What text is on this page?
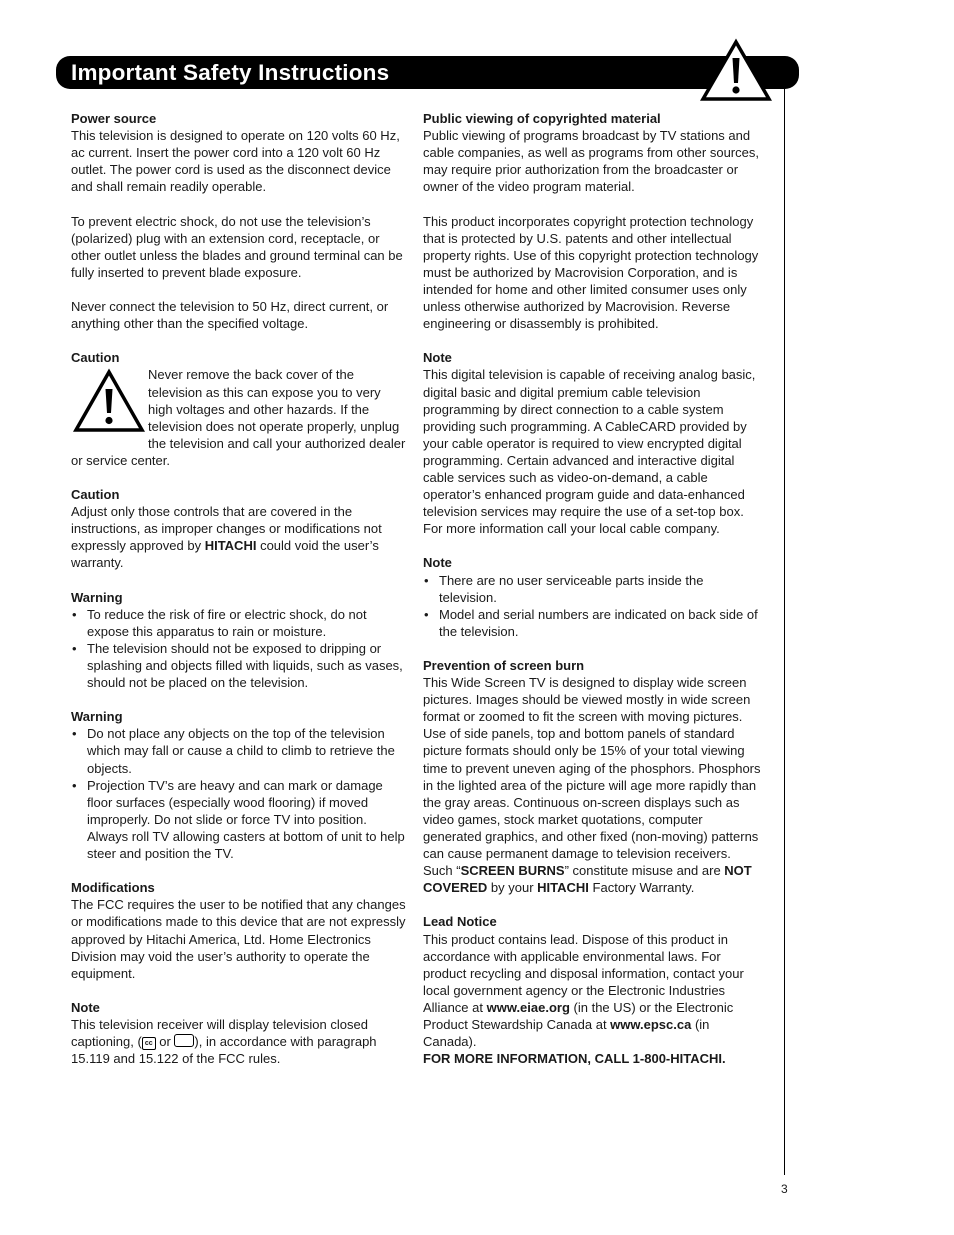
Important Safety Instructions
3

Power source

This television is designed to operate on 120 volts 60 Hz, ac current. Insert the power cord into a 120 volt 60 Hz outlet. The power cord is used as the disconnect device and shall remain readily operable.

To prevent electric shock, do not use the television’s (polarized) plug with an extension cord, receptacle, or other outlet unless the blades and ground terminal can be fully inserted to prevent blade exposure.

Never connect the television to 50 Hz, direct current, or anything other than the specified voltage.

Caution

Never remove the back cover of the television as this can expose you to very high voltages and other hazards. If the television does not operate properly, unplug the television and call your authorized dealer or service center.

Caution

Adjust only those controls that are covered in the instructions, as improper changes or modifications not expressly approved by HITACHI could void the user’s warranty.

Warning

• To reduce the risk of fire or electric shock, do not expose this apparatus to rain or moisture.
• The television should not be exposed to dripping or splashing and objects filled with liquids, such as vases, should not be placed on the television.

Warning

• Do not place any objects on the top of the television which may fall or cause a child to climb to retrieve the objects.
• Projection TV’s are heavy and can mark or damage floor surfaces (especially wood flooring) if moved improperly. Do not slide or force TV into position. Always roll TV allowing casters at bottom of unit to help steer and position the TV.

Modifications

The FCC requires the user to be notified that any changes or modifications made to this device that are not expressly approved by Hitachi America, Ltd. Home Electronics Division may void the user’s authority to operate the equipment.

Note

This television receiver will display television closed captioning, ( cc or ), in accordance with paragraph 15.119 and 15.122 of the FCC rules.

Public viewing of copyrighted material

Public viewing of programs broadcast by TV stations and cable companies, as well as programs from other sources, may require prior authorization from the broadcaster or owner of the video program material.

This product incorporates copyright protection technology that is protected by U.S. patents and other intellectual property rights. Use of this copyright protection technology must be authorized by Macrovision Corporation, and is intended for home and other limited consumer uses only unless otherwise authorized by Macrovision. Reverse engineering or disassembly is prohibited.

Note

This digital television is capable of receiving analog basic, digital basic and digital premium cable television programming by direct connection to a cable system providing such programming. A CableCARD provided by your cable operator is required to view encrypted digital programming. Certain advanced and interactive digital cable services such as video-on-demand, a cable operator’s enhanced program guide and data-enhanced television services may require the use of a set-top box. For more information call your local cable company.

Note

• There are no user serviceable parts inside the television.
• Model and serial numbers are indicated on back side of the television.

Prevention of screen burn

This Wide Screen TV is designed to display wide screen pictures. Images should be viewed mostly in wide screen format or zoomed to fit the screen with moving pictures. Use of side panels, top and bottom panels of standard picture formats should only be 15% of your total viewing time to prevent uneven aging of the phosphors. Phosphors in the lighted area of the picture will age more rapidly than the gray areas. Continuous on-screen displays such as video games, stock market quotations, computer generated graphics, and other fixed (non-moving) patterns can cause permanent damage to television receivers. Such “SCREEN BURNS” constitute misuse and are NOT COVERED by your HITACHI Factory Warranty.

Lead Notice

This product contains lead. Dispose of this product in accordance with applicable environmental laws. For product recycling and disposal information, contact your local government agency or the Electronic Industries Alliance at www.eiae.org (in the US) or the Electronic Product Stewardship Canada at www.epsc.ca (in Canada).

FOR MORE INFORMATION, CALL 1-800-HITACHI.
